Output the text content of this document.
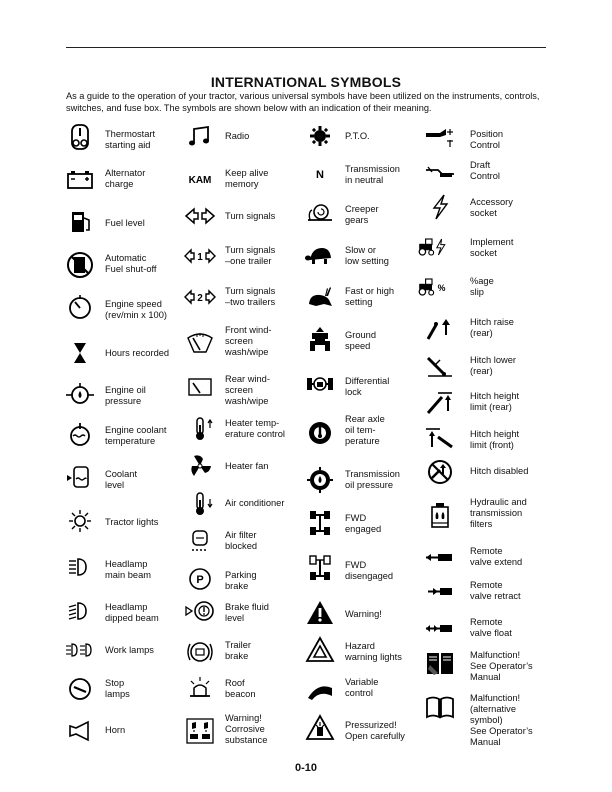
INTERNATIONAL SYMBOLS
As a guide to the operation of your tractor, various universal symbols have been utilized on the instruments, controls, switches, and fuse box. The symbols are shown below with an indication of their meaning.
Thermostart
starting aid
Alternator
charge
Fuel level
Automatic
Fuel shut-off
Engine speed
(rev/min x 100)
Hours recorded
Engine oil
pressure
Engine coolant
temperature
Coolant
level
Tractor lights
Headlamp
main beam
Headlamp
dipped beam
Work lamps
Stop
lamps
Horn
Radio
KAM
Keep alive
memory
Turn signals
1
Turn signals
–one trailer
2
Turn signals
–two trailers
Front wind-
screen
wash/wipe
Rear wind-
screen
wash/wipe
Heater temp-
erature control
Heater fan
Air conditioner
Air filter
blocked
P Parking
brake
Brake fluid
level
Trailer
brake
Roof
beacon
Warning!
Corrosive
substance
P.T.O.
N Transmission
in neutral
Creeper
gears
Slow or
low setting
Fast or high
setting
Ground
speed
Differential
lock
Rear axle
oil tem-
perature
Transmission
oil pressure
FWD
engaged
FWD
disengaged
Warning!
Hazard
warning lights
Variable
control
Pressurized!
Open carefully
Position
Control
Draft
Control
Accessory
socket
Implement
socket
%
%age
slip
Hitch raise
(rear)
Hitch lower
(rear)
Hitch height
limit (rear)
Hitch height
limit (front)
Hitch disabled
Hydraulic and
transmission
filters
Remote
valve extend
Remote
valve retract
Remote
valve float
Malfunction!
See Operator’s
Manual
Malfunction!
(alternative
symbol)
See Operator’s
Manual
0-10
